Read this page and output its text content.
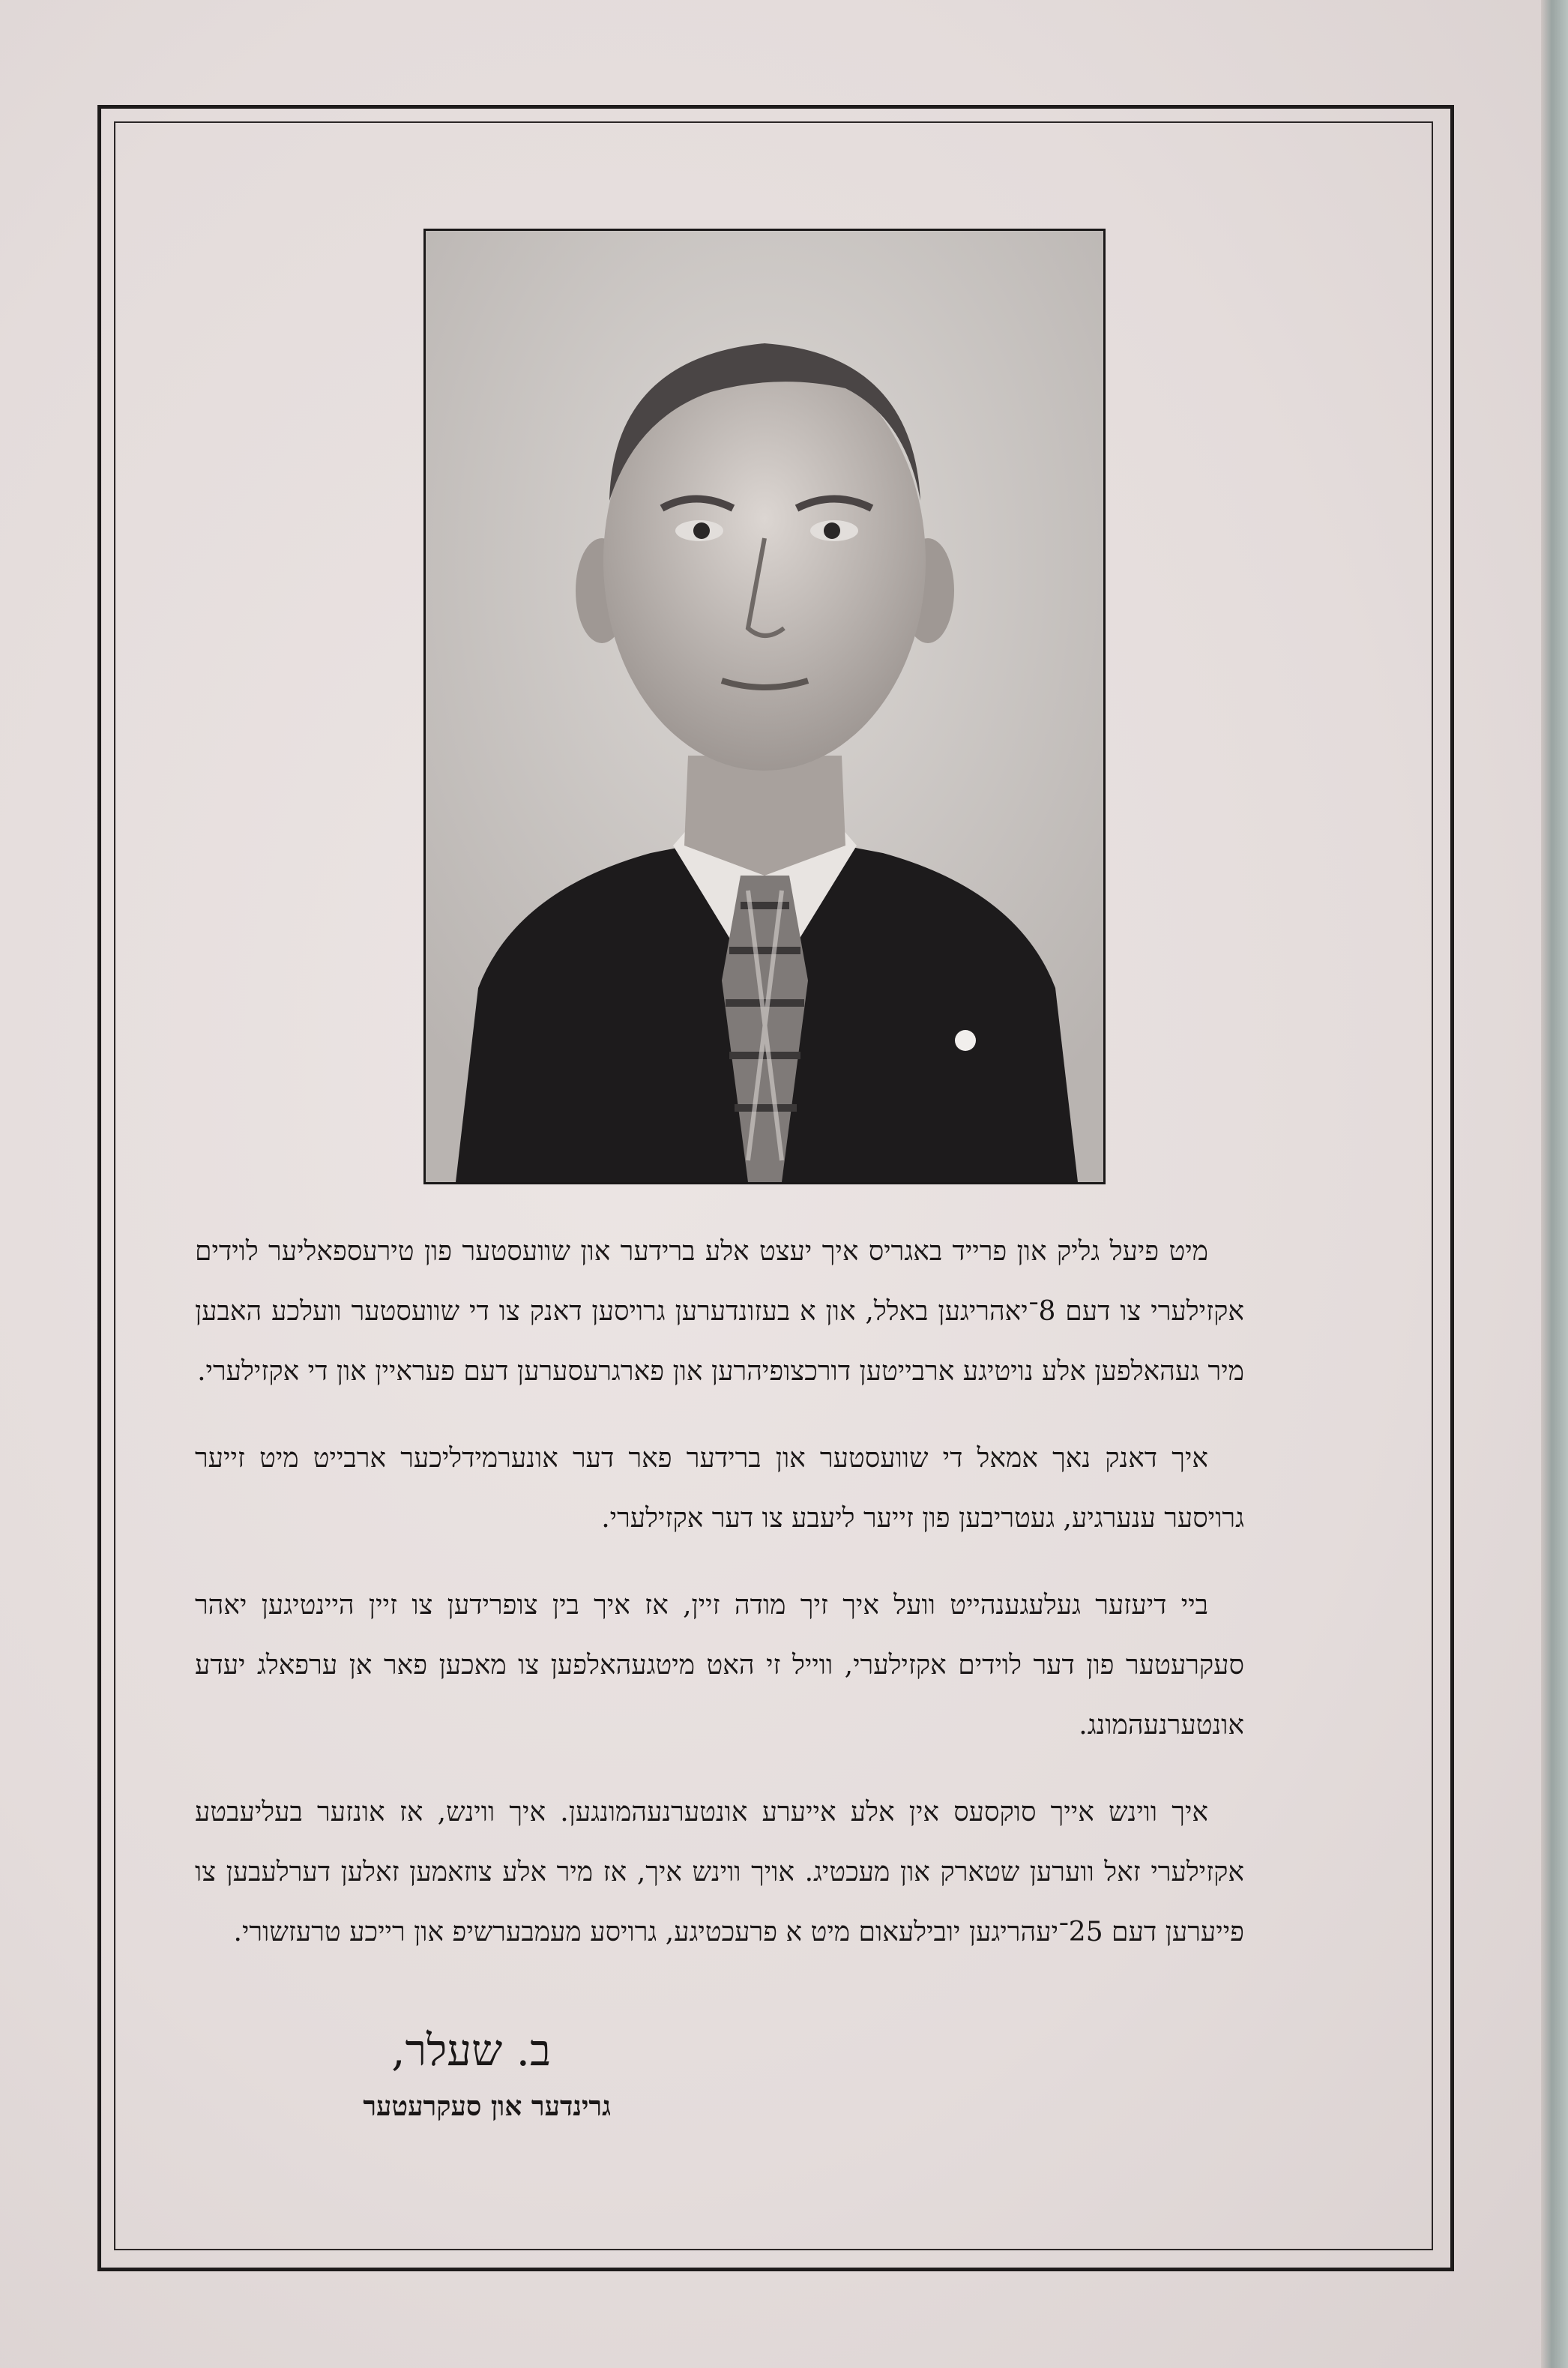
מיט פיעל גליק און פרייד באגריס איך יעצט אלע ברידער און שוועסטער פון טירעספאליער לוידים אקזילערי צו דעם 8־יאהריגען באלל, און א בעזונדערען גרויסען דאנק צו די שוועסטער וועלכע האבען מיר געהאלפען אלע נויטיגע ארבייטען דורכצופיהרען און פארגרעסערען דעם פעראיין און די אקזילערי.

איך דאנק נאך אמאל די שוועסטער און ברידער פאר דער אונערמידליכער ארבייט מיט זייער גרויסער ענערגיע, געטריבען פון זייער ליעבע צו דער אקזילערי.

ביי דיעזער געלעגענהייט וועל איך זיך מודה זיין, אז איך בין צופרידען צו זיין היינטיגען יאהר סעקרעטער פון דער לוידים אקזילערי, ווייל זי האט מיטגעהאלפען צו מאכען פאר אן ערפאלג יעדע אונטערנעהמונג.

איך ווינש אייך סוקסעס אין אלע אייערע אונטערנעהמונגען. איך ווינש, אז אונזער בעליעבטע אקזילערי זאל ווערען שטארק און מעכטיג. אויך ווינש איך, אז מיר אלע צוזאמען זאלען דערלעבען צו פייערען דעם 25־יעהריגען יובילעאום מיט א פרעכטיגע, גרויסע מעמבערשיפ און רייכע טרעזשורי.

ב. שעלר,
גרינדער און סעקרעטער
